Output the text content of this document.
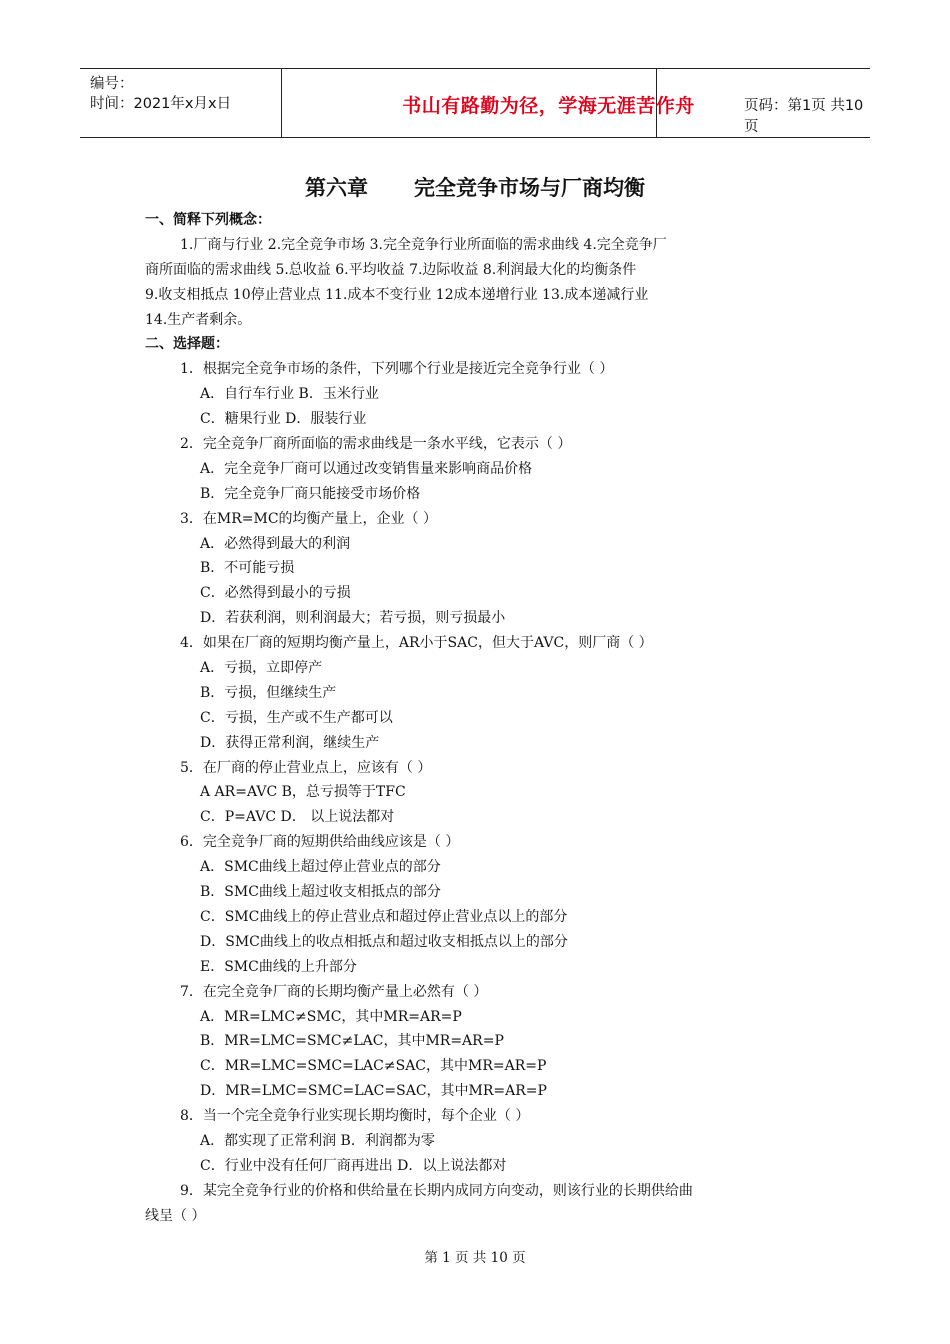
编号：
时间：2021年x月x日	书山有路勤为径，学海无涯苦作舟	页码：第1页 共10页
第六章 完全竞争市场与厂商均衡
一、简释下列概念：
1.厂商与行业 2.完全竞争市场 3.完全竞争行业所面临的需求曲线 4.完全竞争厂
商所面临的需求曲线 5.总收益 6.平均收益 7.边际收益 8.利润最大化的均衡条件
9.收支相抵点 10停止营业点 11.成本不变行业 12成本递增行业 13.成本递减行业
14.生产者剩余。
二、选择题：
1．根据完全竞争市场的条件，下列哪个行业是接近完全竞争行业（ ）
A．自行车行业 B．玉米行业
C．糖果行业 D．服装行业
2．完全竞争厂商所面临的需求曲线是一条水平线，它表示（ ）
A．完全竞争厂商可以通过改变销售量来影响商品价格
B．完全竞争厂商只能接受市场价格
3．在MR=MC的均衡产量上，企业（ ）
A．必然得到最大的利润
B．不可能亏损
C．必然得到最小的亏损
D．若获利润，则利润最大；若亏损，则亏损最小
4．如果在厂商的短期均衡产量上，AR小于SAC，但大于AVC，则厂商（ ）
A．亏损，立即停产
B．亏损，但继续生产
C．亏损，生产或不生产都可以
D．获得正常利润，继续生产
5．在厂商的停止营业点上，应该有（ ）
A AR=AVC B，总亏损等于TFC
C．P=AVC D． 以上说法都对
6．完全竞争厂商的短期供给曲线应该是（ ）
A．SMC曲线上超过停止营业点的部分
B．SMC曲线上超过收支相抵点的部分
C．SMC曲线上的停止营业点和超过停止营业点以上的部分
D．SMC曲线上的收点相抵点和超过收支相抵点以上的部分
E．SMC曲线的上升部分
7．在完全竞争厂商的长期均衡产量上必然有（ ）
A．MR=LMC≠SMC，其中MR=AR=P
B．MR=LMC=SMC≠LAC，其中MR=AR=P
C．MR=LMC=SMC=LAC≠SAC，其中MR=AR=P
D．MR=LMC=SMC=LAC=SAC，其中MR=AR=P
8．当一个完全竞争行业实现长期均衡时，每个企业（ ）
A．都实现了正常利润 B．利润都为零
C．行业中没有任何厂商再进出 D．以上说法都对
9．某完全竞争行业的价格和供给量在长期内成同方向变动，则该行业的长期供给曲
线呈（ ）
第 1 页 共 10 页
